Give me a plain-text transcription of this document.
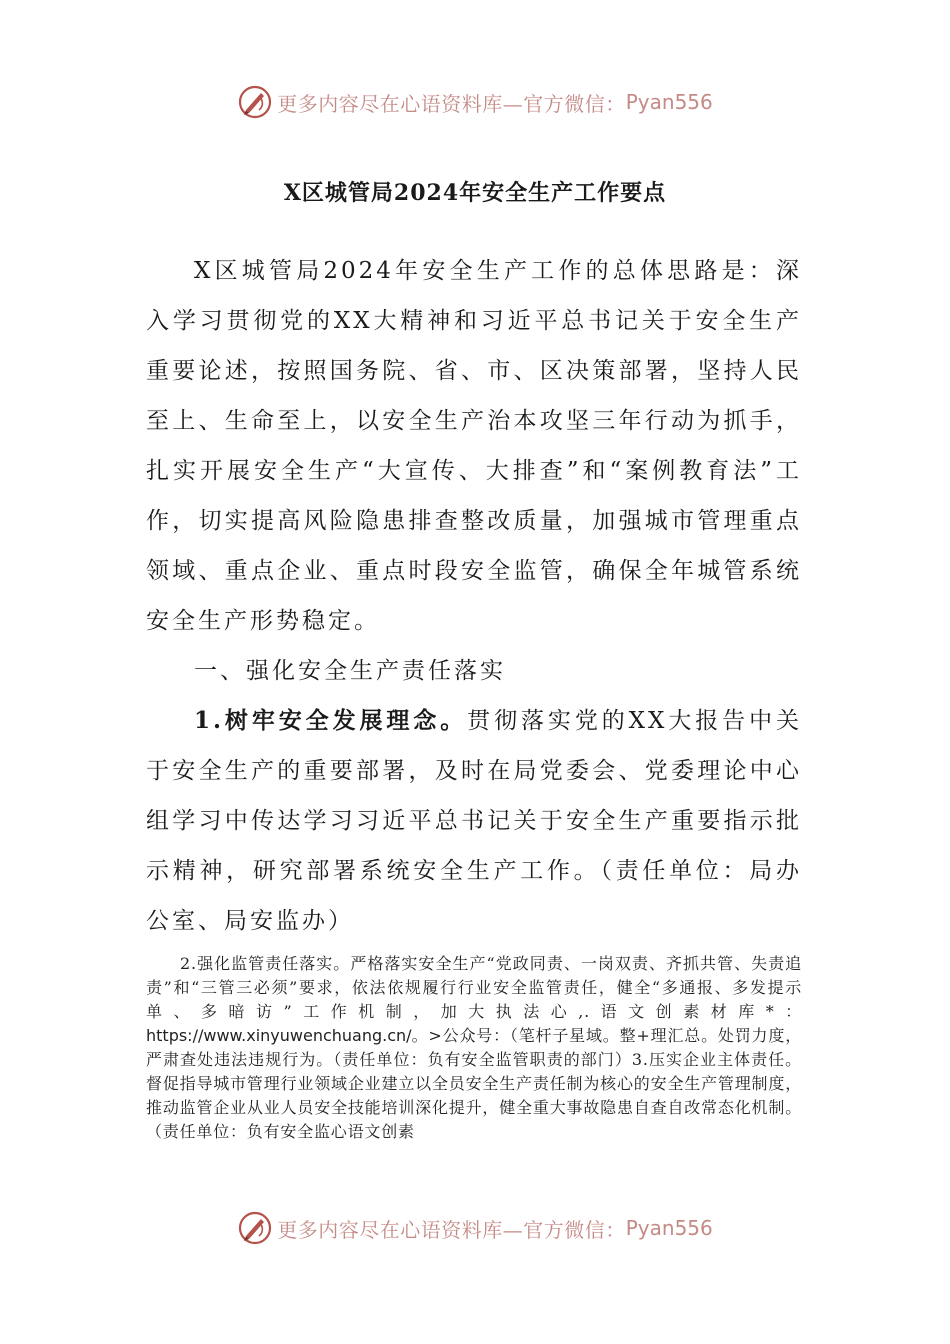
更多内容尽在心语资料库—官方微信： Pyan556
X区城管局2024年安全生产工作要点

X区城管局2024年安全生产工作的总体思路是：深入学习贯彻党的XX大精神和习近平总书记关于安全生产重要论述，按照国务院、省、市、区决策部署，坚持人民至上、生命至上，以安全生产治本攻坚三年行动为抓手，扎实开展安全生产“大宣传、大排查”和“案例教育法”工作，切实提高风险隐患排查整改质量，加强城市管理重点领域、重点企业、重点时段安全监管，确保全年城管系统安全生产形势稳定。

一、强化安全生产责任落实

1.树牢安全发展理念。贯彻落实党的XX大报告中关于安全生产的重要部署，及时在局党委会、党委理论中心组学习中传达学习习近平总书记关于安全生产重要指示批示精神，研究部署系统安全生产工作。（责任单位：局办公室、局安监办）

2.强化监管责任落实。严格落实安全生产“党政同责、一岗双责、齐抓共管、失责追责”和“三管三必须”要求，依法依规履行行业安全监管责任，健全“多通报、多发提示单、多暗访”工作机制，加大执法心,.语文创素材库*：https://www.xinyuwenchuang.cn/。>公众号：（笔杆子星域。整+理汇总。处罚力度，严肃查处违法违规行为。（责任单位：负有安全监管职责的部门）3.压实企业主体责任。督促指导城市管理行业领域企业建立以全员安全生产责任制为核心的安全生产管理制度，推动监管企业从业人员安全技能培训深化提升，健全重大事故隐患自查自改常态化机制。（责任单位：负有安全监心语文创素

更多内容尽在心语资料库—官方微信： Pyan556
